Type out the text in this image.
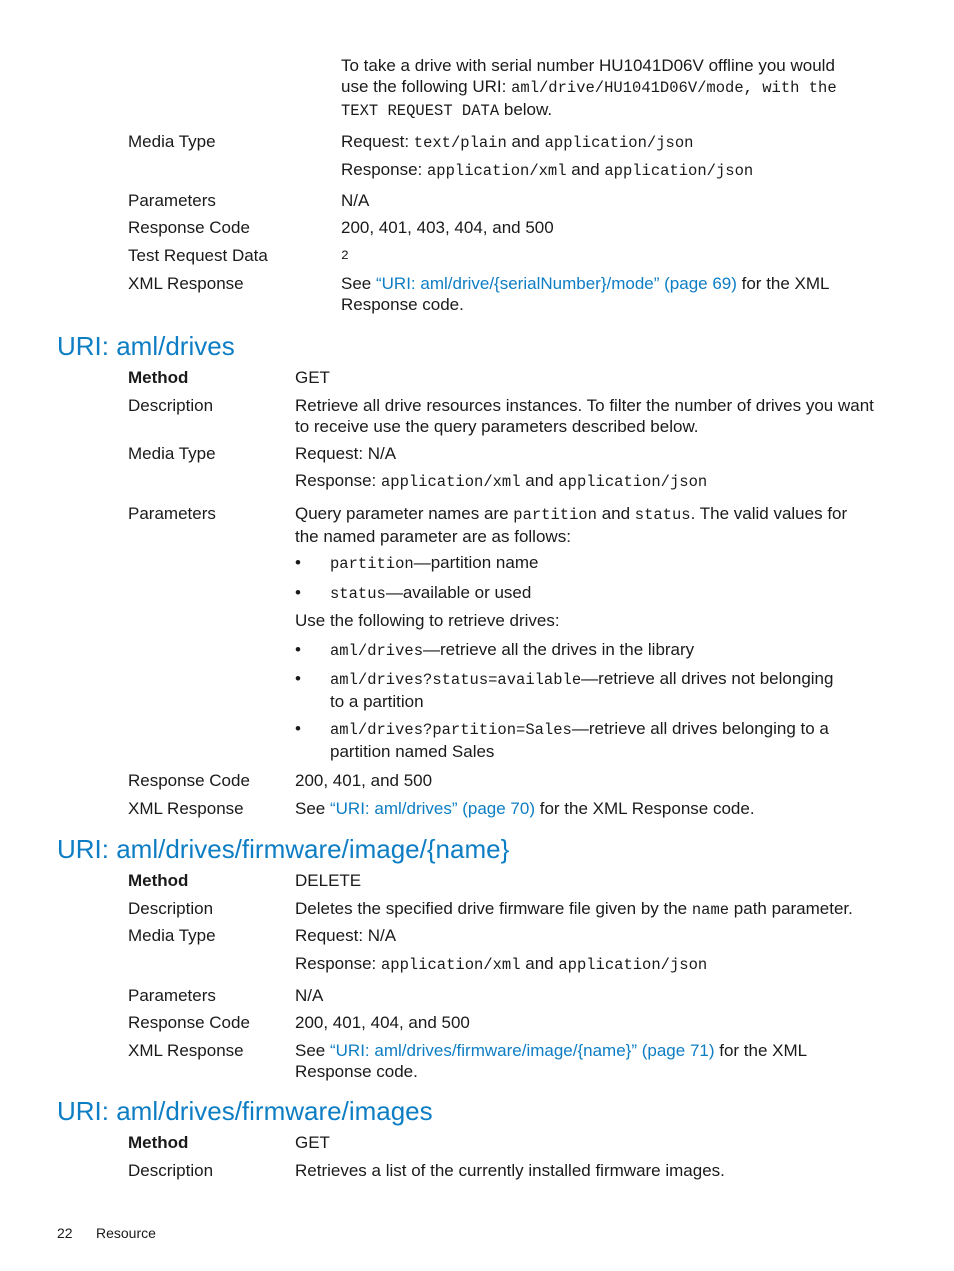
To take a drive with serial number HU1041D06V offline you would
use the following URI: aml/drive/HU1041D06V/mode, with the
TEXT REQUEST DATA below.
Media Type	Request: text/plain and application/json
Response: application/xml and application/json
Parameters	N/A
Response Code	200, 401, 403, 404, and 500
Test Request Data	2
XML Response	See “URI: aml/drive/{serialNumber}/mode” (page 69) for the XML
Response code.
URI: aml/drives
Method	GET
Description	Retrieve all drive resources instances. To filter the number of drives you want
to receive use the query parameters described below.
Media Type	Request: N/A
Response: application/xml and application/json
Parameters	Query parameter names are partition and status. The valid values for
the named parameter are as follows:
• partition—partition name
• status—available or used
Use the following to retrieve drives:
• aml/drives—retrieve all the drives in the library
• aml/drives?status=available—retrieve all drives not belonging
to a partition
• aml/drives?partition=Sales—retrieve all drives belonging to a
partition named Sales
Response Code	200, 401, and 500
XML Response	See “URI: aml/drives” (page 70) for the XML Response code.
URI: aml/drives/firmware/image/{name}
Method	DELETE
Description	Deletes the specified drive firmware file given by the name path parameter.
Media Type	Request: N/A
Response: application/xml and application/json
Parameters	N/A
Response Code	200, 401, 404, and 500
XML Response	See “URI: aml/drives/firmware/image/{name}” (page 71) for the XML
Response code.
URI: aml/drives/firmware/images
Method	GET
Description	Retrieves a list of the currently installed firmware images.
22 Resource
